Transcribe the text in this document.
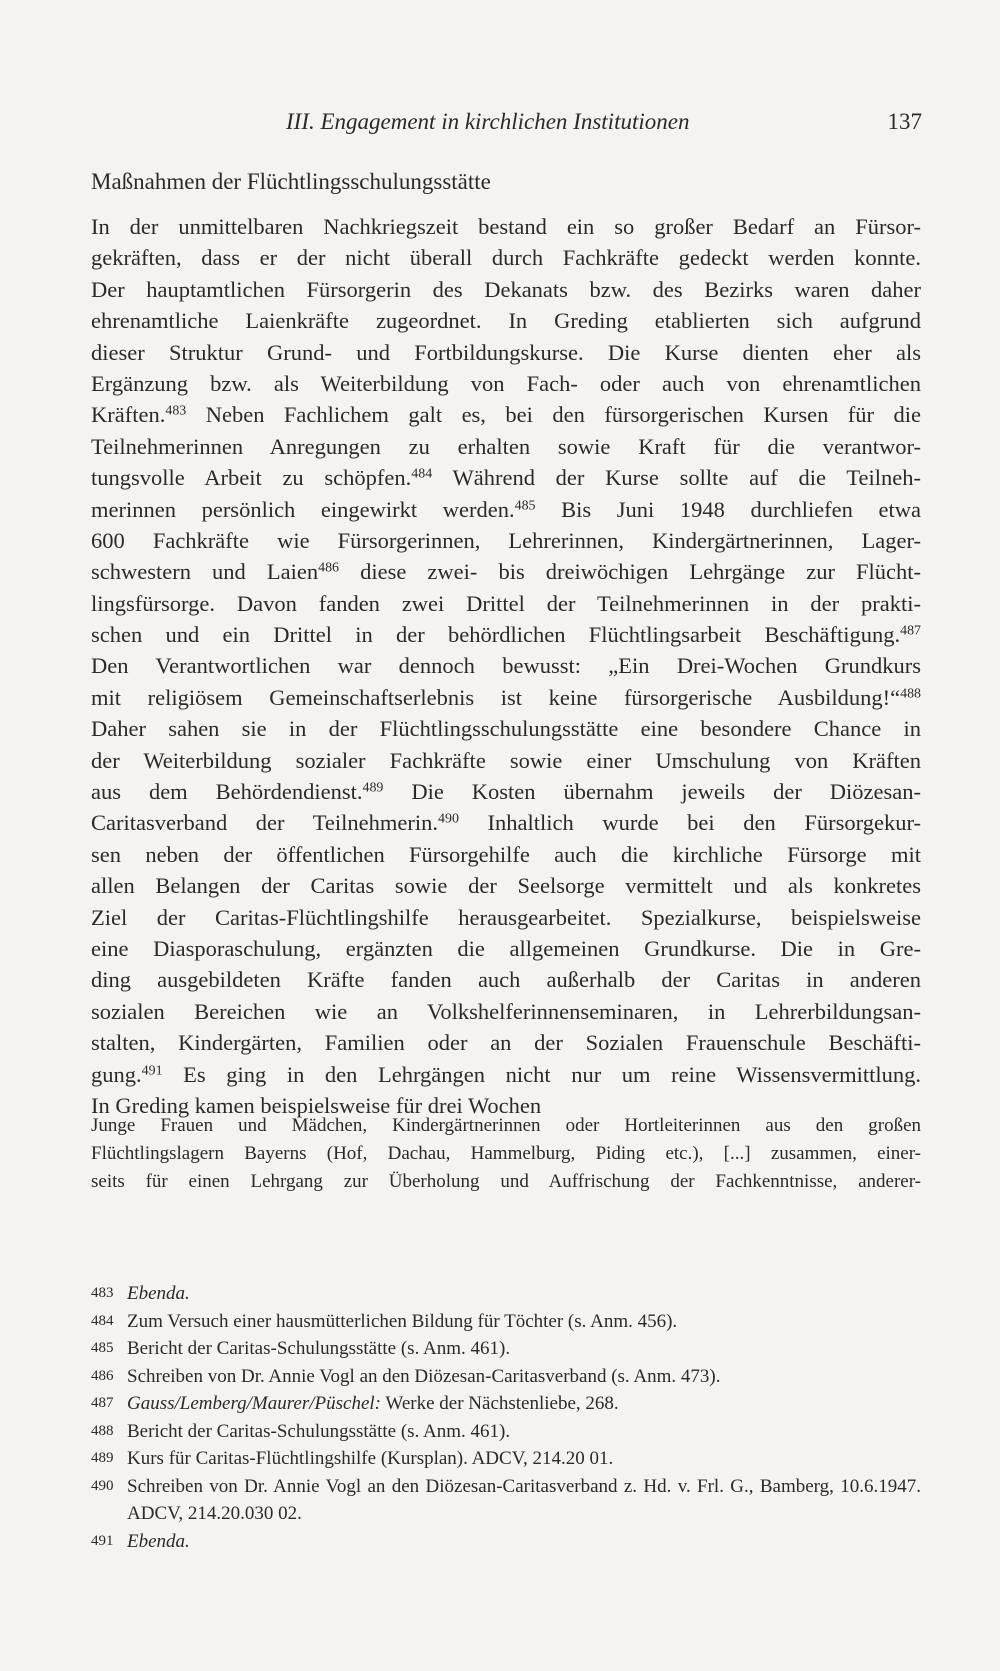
III. Engagement in kirchlichen Institutionen	137
Maßnahmen der Flüchtlingsschulungsstätte
In der unmittelbaren Nachkriegszeit bestand ein so großer Bedarf an Fürsor-
gekräften, dass er der nicht überall durch Fachkräfte gedeckt werden konnte.
Der hauptamtlichen Fürsorgerin des Dekanats bzw. des Bezirks waren daher
ehrenamtliche Laienkräfte zugeordnet. In Greding etablierten sich aufgrund
dieser Struktur Grund- und Fortbildungskurse. Die Kurse dienten eher als
Ergänzung bzw. als Weiterbildung von Fach- oder auch von ehrenamtlichen
Kräften.$^{483}$ Neben Fachlichem galt es, bei den fürsorgerischen Kursen für die
Teilnehmerinnen Anregungen zu erhalten sowie Kraft für die verantwor-
tungsvolle Arbeit zu schöpfen.$^{484}$ Während der Kurse sollte auf die Teilneh-
merinnen persönlich eingewirkt werden.$^{485}$ Bis Juni 1948 durchliefen etwa
600 Fachkräfte wie Fürsorgerinnen, Lehrerinnen, Kindergärtnerinnen, Lager-
schwestern und Laien$^{486}$ diese zwei- bis dreiwöchigen Lehrgänge zur Flücht-
lingsfürsorge. Davon fanden zwei Drittel der Teilnehmerinnen in der prakti-
schen und ein Drittel in der behördlichen Flüchtlingsarbeit Beschäftigung.$^{487}$
Den Verantwortlichen war dennoch bewusst: „Ein Drei-Wochen Grundkurs
mit religiösem Gemeinschaftserlebnis ist keine fürsorgerische Ausbildung!“$^{488}$
Daher sahen sie in der Flüchtlingsschulungsstätte eine besondere Chance in
der Weiterbildung sozialer Fachkräfte sowie einer Umschulung von Kräften
aus dem Behördendienst.$^{489}$ Die Kosten übernahm jeweils der Diözesan-
Caritasverband der Teilnehmerin.$^{490}$ Inhaltlich wurde bei den Fürsorgekur-
sen neben der öffentlichen Fürsorgehilfe auch die kirchliche Fürsorge mit
allen Belangen der Caritas sowie der Seelsorge vermittelt und als konkretes
Ziel der Caritas-Flüchtlingshilfe herausgearbeitet. Spezialkurse, beispielsweise
eine Diasporaschulung, ergänzten die allgemeinen Grundkurse. Die in Gre-
ding ausgebildeten Kräfte fanden auch außerhalb der Caritas in anderen
sozialen Bereichen wie an Volkshelferinnenseminaren, in Lehrerbildungsan-
stalten, Kindergärten, Familien oder an der Sozialen Frauenschule Beschäfti-
gung.$^{491}$ Es ging in den Lehrgängen nicht nur um reine Wissensvermittlung.
In Greding kamen beispielsweise für drei Wochen
Junge Frauen und Mädchen, Kindergärtnerinnen oder Hortleiterinnen aus den großen
Flüchtlingslagern Bayerns (Hof, Dachau, Hammelburg, Piding etc.), [...] zusammen, einer-
seits für einen Lehrgang zur Überholung und Auffrischung der Fachkenntnisse, anderer-
483 Ebenda.
484 Zum Versuch einer hausmütterlichen Bildung für Töchter (s. Anm. 456).
485 Bericht der Caritas-Schulungsstätte (s. Anm. 461).
486 Schreiben von Dr. Annie Vogl an den Diözesan-Caritasverband (s. Anm. 473).
487 Gauss/Lemberg/Maurer/Püschel: Werke der Nächstenliebe, 268.
488 Bericht der Caritas-Schulungsstätte (s. Anm. 461).
489 Kurs für Caritas-Flüchtlingshilfe (Kursplan). ADCV, 214.20 01.
490 Schreiben von Dr. Annie Vogl an den Diözesan-Caritasverband z. Hd. v. Frl. G., Bamberg, 10.6.1947. ADCV, 214.20.030 02.
491 Ebenda.
